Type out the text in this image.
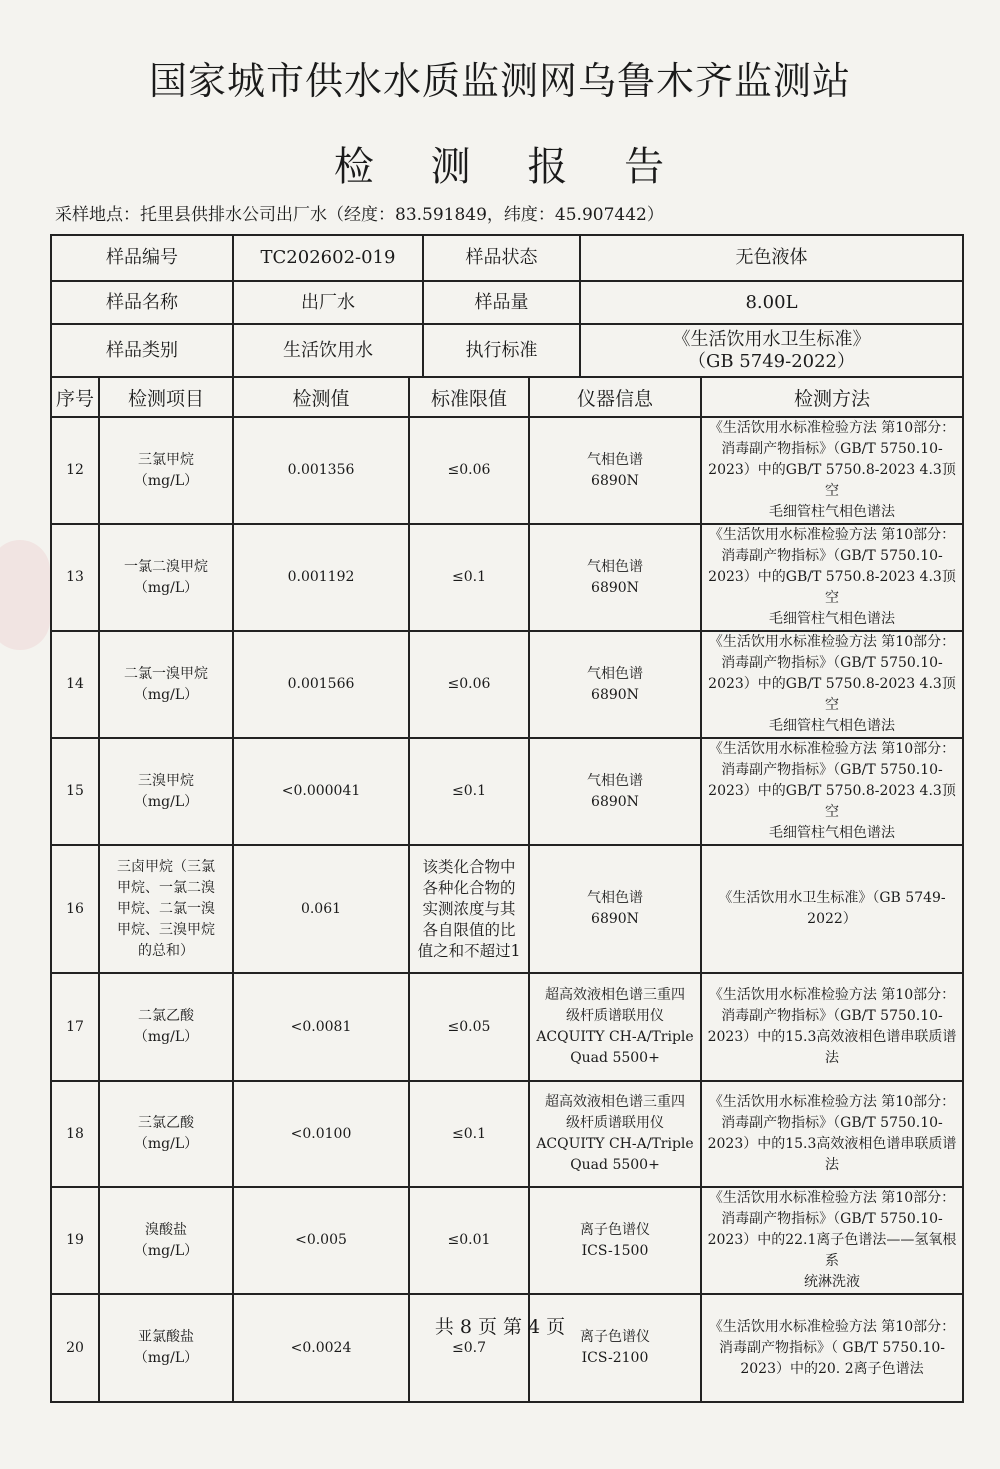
国家城市供水水质监测网乌鲁木齐监测站
检 测 报 告
采样地点：托里县供排水公司出厂水（经度：83.591849，纬度：45.907442）
样品编号	TC202602-019	样品状态	无色液体
样品名称	出厂水	样品量	8.00L
样品类别	生活饮用水	执行标准	《生活饮用水卫生标准》
（GB 5749-2022）
序号	检测项目	检测值	标准限值	仪器信息	检测方法
12	三氯甲烷
（mg/L）	0.001356	≤0.06	气相色谱
6890N	《生活饮用水标准检验方法 第10部分：
消毒副产物指标》（GB/T 5750.10-
2023）中的GB/T 5750.8-2023 4.3顶空
毛细管柱气相色谱法

13	一氯二溴甲烷
（mg/L）	0.001192	≤0.1	气相色谱
6890N	《生活饮用水标准检验方法 第10部分：
消毒副产物指标》（GB/T 5750.10-
2023）中的GB/T 5750.8-2023 4.3顶空
毛细管柱气相色谱法

14	二氯一溴甲烷
（mg/L）	0.001566	≤0.06	气相色谱
6890N	《生活饮用水标准检验方法 第10部分：
消毒副产物指标》（GB/T 5750.10-
2023）中的GB/T 5750.8-2023 4.3顶空
毛细管柱气相色谱法

15	三溴甲烷
（mg/L）	<0.000041	≤0.1	气相色谱
6890N	《生活饮用水标准检验方法 第10部分：
消毒副产物指标》（GB/T 5750.10-
2023）中的GB/T 5750.8-2023 4.3顶空
毛细管柱气相色谱法

16	三卤甲烷（三氯
甲烷、一氯二溴
甲烷、二氯一溴
甲烷、三溴甲烷
的总和）	0.061	该类化合物中
各种化合物的
实测浓度与其
各自限值的比
值之和不超过1	气相色谱
6890N	《生活饮用水卫生标准》（GB 5749-
2022）

17	二氯乙酸
（mg/L）	<0.0081	≤0.05	超高效液相色谱三重四
级杆质谱联用仪
ACQUITY CH-A/Triple
Quad 5500+	《生活饮用水标准检验方法 第10部分：
消毒副产物指标》（GB/T 5750.10-
2023）中的15.3高效液相色谱串联质谱
法

18	三氯乙酸
（mg/L）	<0.0100	≤0.1	超高效液相色谱三重四
级杆质谱联用仪
ACQUITY CH-A/Triple
Quad 5500+	《生活饮用水标准检验方法 第10部分：
消毒副产物指标》（GB/T 5750.10-
2023）中的15.3高效液相色谱串联质谱
法

19	溴酸盐
（mg/L）	<0.005	≤0.01	离子色谱仪
ICS-1500	《生活饮用水标准检验方法 第10部分：
消毒副产物指标》（GB/T 5750.10-
2023）中的22.1离子色谱法——氢氧根系
统淋洗液

20	亚氯酸盐
（mg/L）	<0.0024	≤0.7	离子色谱仪
ICS-2100	《生活饮用水标准检验方法 第10部分：
消毒副产物指标》（ GB/T 5750.10-
2023）中的20. 2离子色谱法
共 8 页 第 4 页
